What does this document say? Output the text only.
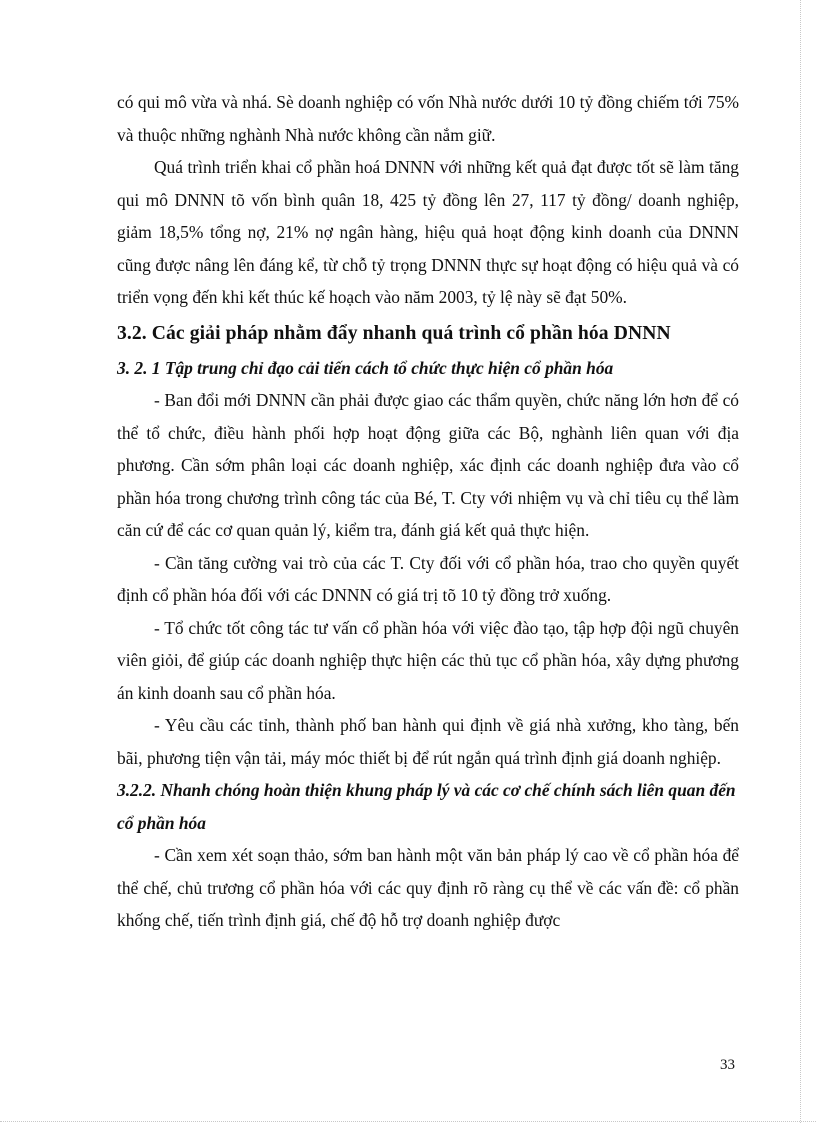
có qui mô vừa và nhá. Sè doanh nghiệp có vốn Nhà nước dưới 10 tỷ đồng chiếm tới 75% và thuộc những nghành Nhà nước không cần nắm giữ.

Quá trình triển khai cổ phần hoá DNNN với những kết quả đạt được tốt sẽ làm tăng qui mô DNNN tõ vốn bình quân 18, 425 tỷ đồng lên 27, 117 tỷ đồng/ doanh nghiệp, giảm 18,5% tổng nợ, 21% nợ ngân hàng, hiệu quả hoạt động kinh doanh của DNNN cũng được nâng lên đáng kể, từ chỗ tỷ trọng DNNN thực sự hoạt động có hiệu quả và có triển vọng đến khi kết thúc kế hoạch vào năm 2003, tỷ lệ này sẽ đạt 50%.

3.2. Các giải pháp nhằm đẩy nhanh quá trình cổ phần hóa DNNN
3. 2. 1 Tập trung chỉ đạo cải tiến cách tổ chức thực hiện cổ phần hóa

- Ban đổi mới DNNN cần phải được giao các thẩm quyền, chức năng lớn hơn để có thể tổ chức, điều hành phối hợp hoạt động giữa các Bộ, nghành liên quan với địa phương. Cần sớm phân loại các doanh nghiệp, xác định các doanh nghiệp đưa vào cổ phần hóa trong chương trình công tác của Bé, T. Cty với nhiệm vụ và chỉ tiêu cụ thể làm căn cứ để các cơ quan quản lý, kiểm tra, đánh giá kết quả thực hiện.

- Cần tăng cường vai trò của các T. Cty đối với cổ phần hóa, trao cho quyền quyết định cổ phần hóa đối với các DNNN có giá trị tõ 10 tỷ đồng trở xuống.

- Tổ chức tốt công tác tư vấn cổ phần hóa với việc đào tạo, tập hợp đội ngũ chuyên viên giỏi, để giúp các doanh nghiệp thực hiện các thủ tục cổ phần hóa, xây dựng phương án kinh doanh sau cổ phần hóa.

- Yêu cầu các tỉnh, thành phố ban hành qui định về giá nhà xưởng, kho tàng, bến bãi, phương tiện vận tải, máy móc thiết bị để rút ngắn quá trình định giá doanh nghiệp.

3.2.2. Nhanh chóng hoàn thiện khung pháp lý và các cơ chế chính sách liên quan đến cổ phần hóa

- Cần xem xét soạn thảo, sớm ban hành một văn bản pháp lý cao về cổ phần hóa để thể chế, chủ trương cổ phần hóa với các quy định rõ ràng cụ thể về các vấn đề: cổ phần khống chế, tiến trình định giá, chế độ hỗ trợ doanh nghiệp được

33
